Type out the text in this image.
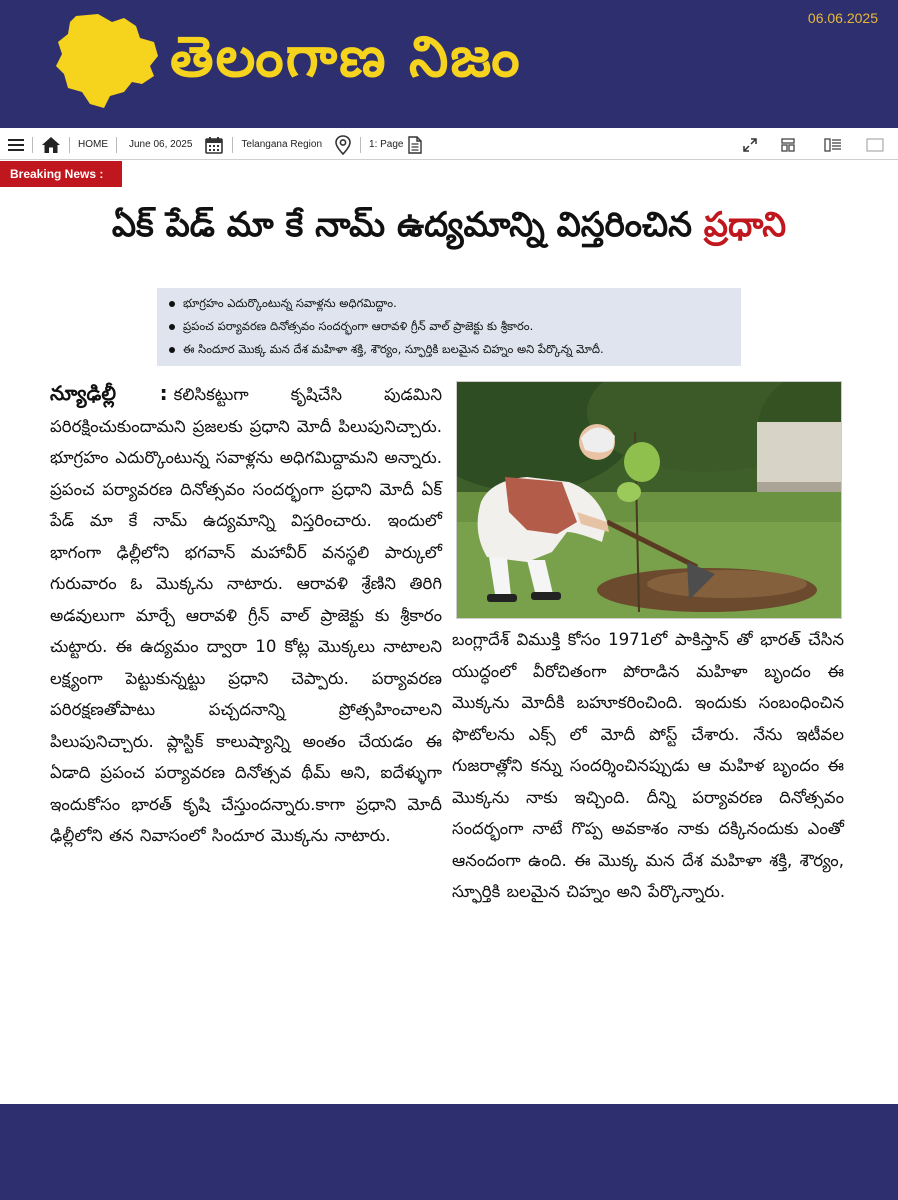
తెలంగాణ నిజం
06.06.2025
HOME June 06, 2025	Telangana Region	1: Page
Breaking News :
ఏక్ పేడ్ మా కే నామ్ ఉద్యమాన్ని విస్తరించిన ప్రధాని
భూగ్రహం ఎదుర్కొంటున్న సవాళ్లను అధిగమిద్దాం.
ప్రపంచ పర్యావరణ దినోత్సవం సందర్భంగా ఆరావళి గ్రీన్ వాల్ ప్రాజెక్టు కు శ్రీకారం.
ఈ సిందూర మొక్క మన దేశ మహిళా శక్తి, శౌర్యం, స్ఫూర్తికి బలమైన చిహ్నం అని పేర్కొన్న మోదీ.

న్యూఢిల్లీ : కలిసికట్టుగా కృషిచేసి పుడమిని పరిరక్షించుకుందామని ప్రజలకు ప్రధాని మోదీ పిలుపునిచ్చారు. భూగ్రహం ఎదుర్కొంటున్న సవాళ్లను అధిగమిద్దామని అన్నారు. ప్రపంచ పర్యావరణ దినోత్సవం సందర్భంగా ప్రధాని మోదీ ఏక్ పేడ్ మా కే నామ్ ఉద్యమాన్ని విస్తరించారు. ఇందులో భాగంగా ఢిల్లీలోని భగవాన్ మహావీర్ వనస్థలి పార్కులో గురువారం ఓ మొక్కను నాటారు. ఆరావళి శ్రేణిని తిరిగి అడవులుగా మార్చే ఆరావళి గ్రీన్ వాల్ ప్రాజెక్టు కు శ్రీకారం చుట్టారు. ఈ ఉద్యమం ద్వారా 10 కోట్ల మొక్కలు నాటాలని లక్ష్యంగా పెట్టుకున్నట్టు ప్రధాని చెప్పారు. పర్యావరణ పరిరక్షణతోపాటు పచ్చదనాన్ని ప్రోత్సహించాలని పిలుపునిచ్చారు. ప్లాస్టిక్ కాలుష్యాన్ని అంతం చేయడం ఈ ఏడాది ప్రపంచ పర్యావరణ దినోత్సవ థీమ్ అని, ఐదేళ్ళుగా ఇందుకోసం భారత్ కృషి చేస్తుందన్నారు.కాగా ప్రధాని మోదీ ఢిల్లీలోని తన నివాసంలో సిందూర మొక్కను నాటారు.

బంగ్లాదేశ్ విముక్తి కోసం 1971లో పాకిస్తాన్ తో భారత్ చేసిన యుద్ధంలో వీరోచితంగా పోరాడిన మహిళా బృందం ఈ మొక్కను మోదీకి బహూకరించింది. ఇందుకు సంబంధించిన ఫొటోలను ఎక్స్ లో మోదీ పోస్ట్ చేశారు. నేను ఇటీవల గుజరాత్లోని కన్ను సందర్శించినప్పుడు ఆ మహిళ బృందం ఈ మొక్కను నాకు ఇచ్చింది. దీన్ని పర్యావరణ దినోత్సవం సందర్భంగా నాటే గొప్ప అవకాశం నాకు దక్కినందుకు ఎంతో ఆనందంగా ఉంది. ఈ మొక్క మన దేశ మహిళా శక్తి, శౌర్యం, స్ఫూర్తికి బలమైన చిహ్నం అని పేర్కొన్నారు.
